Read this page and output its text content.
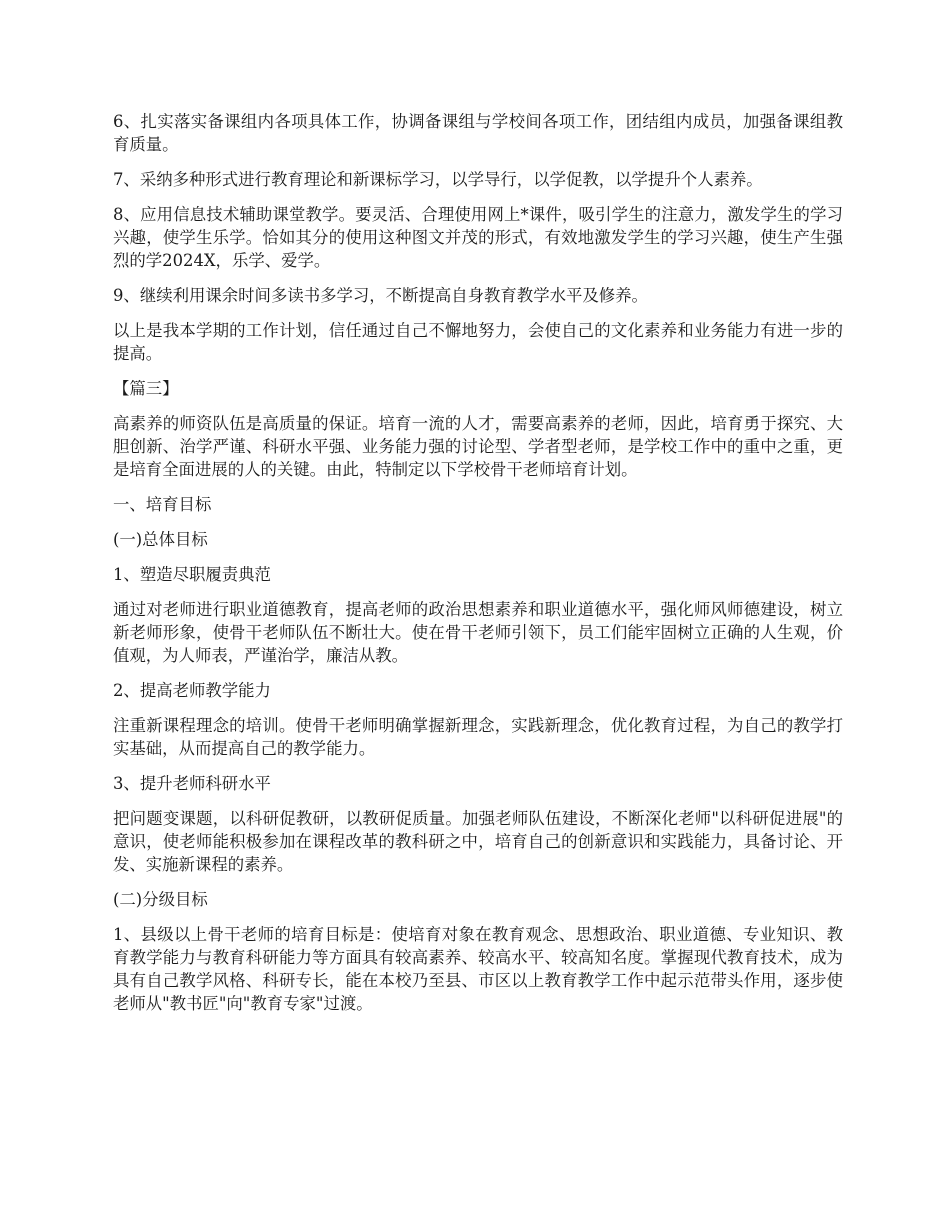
6、扎实落实备课组内各项具体工作，协调备课组与学校间各项工作，团结组内成员，加强备课组教育质量。

7、采纳多种形式进行教育理论和新课标学习，以学导行，以学促教，以学提升个人素养。

8、应用信息技术辅助课堂教学。要灵活、合理使用网上*课件，吸引学生的注意力，激发学生的学习兴趣，使学生乐学。恰如其分的使用这种图文并茂的形式，有效地激发学生的学习兴趣，使生产生强烈的学2024X，乐学、爱学。

9、继续利用课余时间多读书多学习，不断提高自身教育教学水平及修养。

以上是我本学期的工作计划，信任通过自己不懈地努力，会使自己的文化素养和业务能力有进一步的提高。

【篇三】

高素养的师资队伍是高质量的保证。培育一流的人才，需要高素养的老师，因此，培育勇于探究、大胆创新、治学严谨、科研水平强、业务能力强的讨论型、学者型老师，是学校工作中的重中之重，更是培育全面进展的人的关键。由此，特制定以下学校骨干老师培育计划。

一、培育目标

(一)总体目标

1、塑造尽职履责典范

通过对老师进行职业道德教育，提高老师的政治思想素养和职业道德水平，强化师风师德建设，树立新老师形象，使骨干老师队伍不断壮大。使在骨干老师引领下，员工们能牢固树立正确的人生观，价值观，为人师表，严谨治学，廉洁从教。

2、提高老师教学能力

注重新课程理念的培训。使骨干老师明确掌握新理念，实践新理念，优化教育过程，为自己的教学打实基础，从而提高自己的教学能力。

3、提升老师科研水平

把问题变课题，以科研促教研，以教研促质量。加强老师队伍建设，不断深化老师"以科研促进展"的意识，使老师能积极参加在课程改革的教科研之中，培育自己的创新意识和实践能力，具备讨论、开发、实施新课程的素养。

(二)分级目标

1、县级以上骨干老师的培育目标是：使培育对象在教育观念、思想政治、职业道德、专业知识、教育教学能力与教育科研能力等方面具有较高素养、较高水平、较高知名度。掌握现代教育技术，成为具有自己教学风格、科研专长，能在本校乃至县、市区以上教育教学工作中起示范带头作用，逐步使老师从"教书匠"向"教育专家"过渡。
